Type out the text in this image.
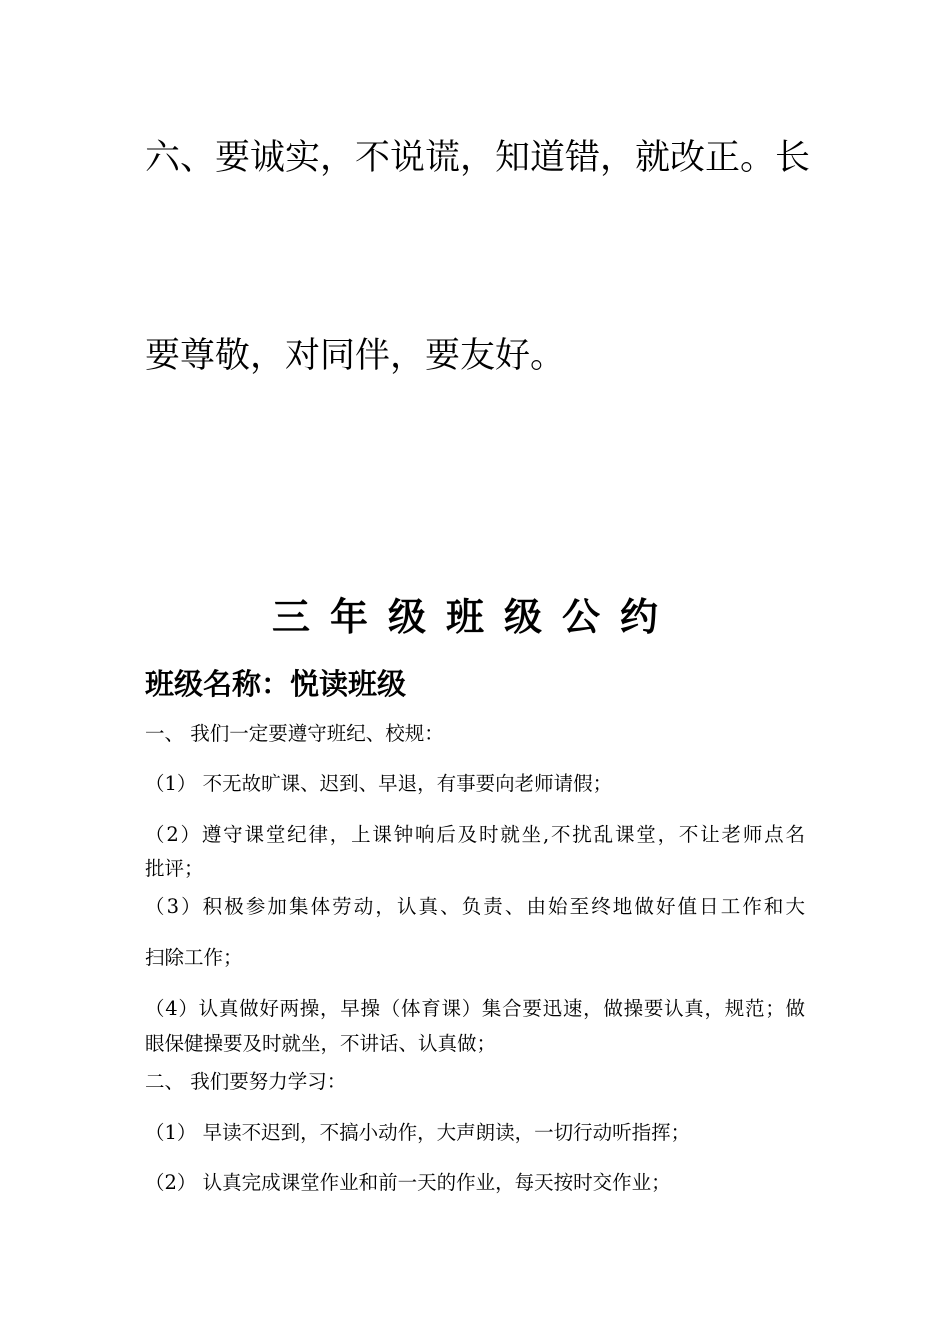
六、要诚实，不说谎，知道错，就改正。长
要尊敬，对同伴，要友好。
三年级班级公约
班级名称：悦读班级
一、 我们一定要遵守班纪、校规：
（1） 不无故旷课、迟到、早退，有事要向老师请假；
（2）遵守课堂纪律，上课钟响后及时就坐,不扰乱课堂，不让老师点名
批评；
（3）积极参加集体劳动，认真、负责、由始至终地做好值日工作和大
扫除工作；
（4）认真做好两操，早操（体育课）集合要迅速，做操要认真，规范；做
眼保健操要及时就坐，不讲话、认真做；
二、 我们要努力学习：
（1） 早读不迟到，不搞小动作，大声朗读，一切行动听指挥；
（2） 认真完成课堂作业和前一天的作业，每天按时交作业；
